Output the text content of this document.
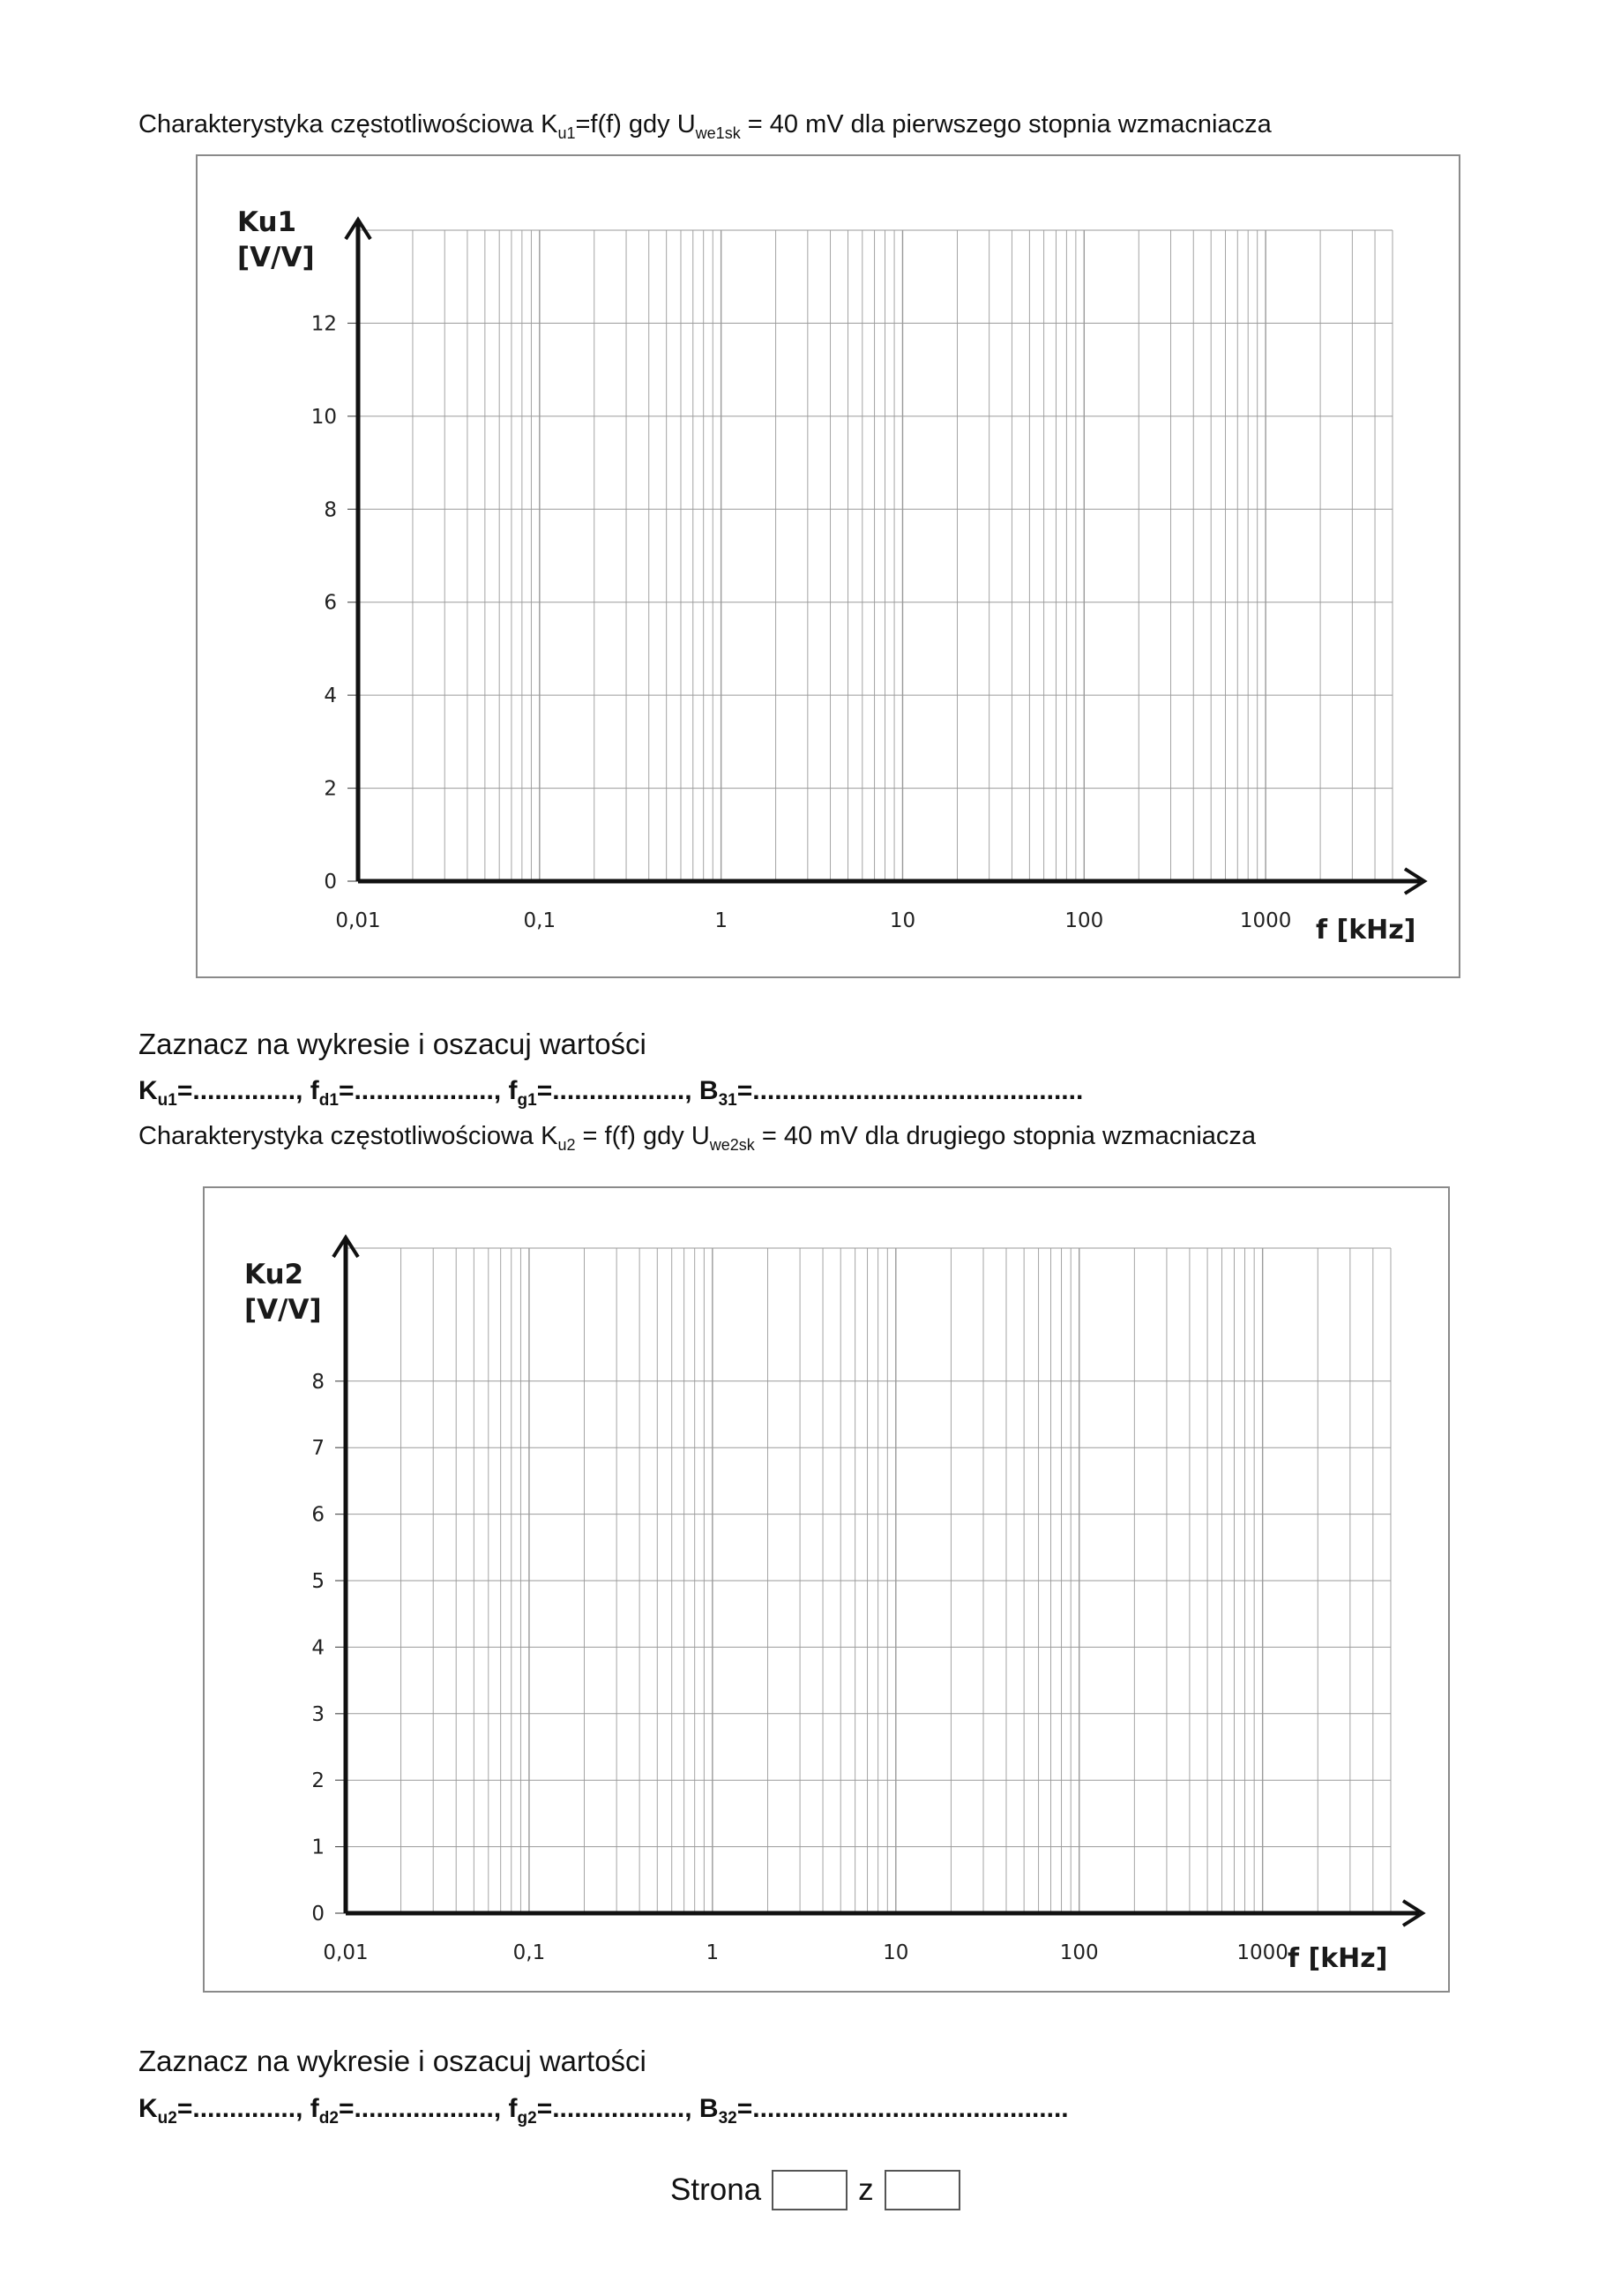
Charakterystyka częstotliwościowa $K_{u1}=f(f)$ gdy $U_{we1sk} = 40$ mV dla pierwszego stopnia wzmacniacza
0
2
4
6
8
10
12
0,01	0,1	1	10	100	1000
Ku1
[V/V]
f [kHz]
Zaznacz na wykresie i oszacuj wartości
$K_{u1}=$.............., $f_{d1}=$..................., $f_{g1}=$.................., $B_{31}=$.............................................
Charakterystyka częstotliwościowa $K_{u2} = f(f)$ gdy $U_{we2sk} = 40$ mV dla drugiego stopnia wzmacniacza
0
1
2
3
4
5
6
7
8
0,01	0,1	1	10	100	1000
Ku2
[V/V]
f [kHz]
Zaznacz na wykresie i oszacuj wartości
$K_{u2}=$.............., $f_{d2}=$..................., $f_{g2}=$.................., $B_{32}=$...........................................
Strona	z
